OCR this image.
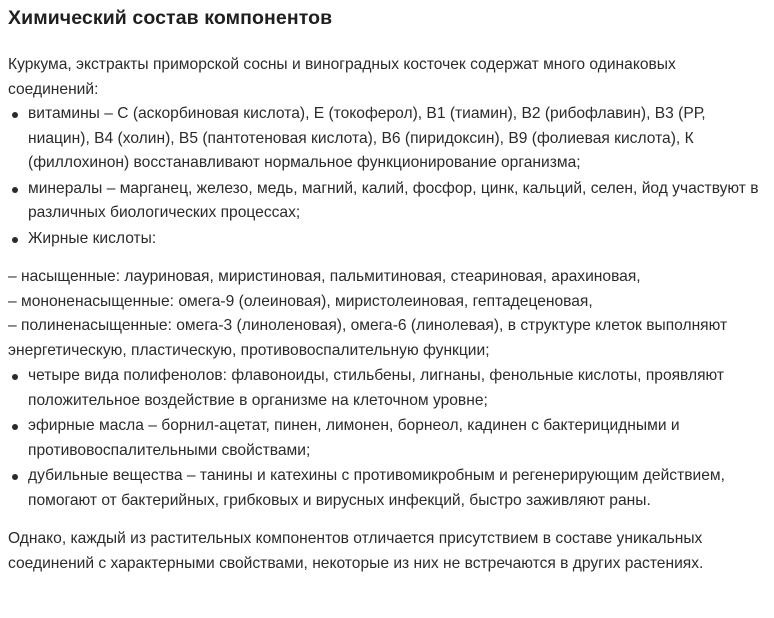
Химический состав компонентов

Куркума, экстракты приморской сосны и виноградных косточек содержат много одинаковых соединений:

витамины – С (аскорбиновая кислота), Е (токоферол), В1 (тиамин), В2 (рибофлавин), В3 (РР, ниацин), В4 (холин), В5 (пантотеновая кислота), В6 (пиридоксин), В9 (фолиевая кислота), К (филлохинон) восстанавливают нормальное функционирование организма;
минералы – марганец, железо, медь, магний, калий, фосфор, цинк, кальций, селен, йод участвуют в различных биологических процессах;
Жирные кислоты:

– насыщенные: лауриновая, миристиновая, пальмитиновая, стеариновая, арахиновая,

– мононенасыщенные: омега-9 (олеиновая), миристолеиновая, гептадеценовая,

– полиненасыщенные: омега-3 (линоленовая), омега-6 (линолевая), в структуре клеток выполняют энергетическую, пластическую, противовоспалительную функции;

четыре вида полифенолов: флавоноиды, стильбены, лигнаны, фенольные кислоты, проявляют положительное воздействие в организме на клеточном уровне;
эфирные масла – борнил-ацетат, пинен, лимонен, борнеол, кадинен с бактерицидными и противовоспалительными свойствами;
дубильные вещества – танины и катехины с противомикробным и регенерирующим действием, помогают от бактерийных, грибковых и вирусных инфекций, быстро заживляют раны.

Однако, каждый из растительных компонентов отличается присутствием в составе уникальных соединений с характерными свойствами, некоторые из них не встречаются в других растениях.
